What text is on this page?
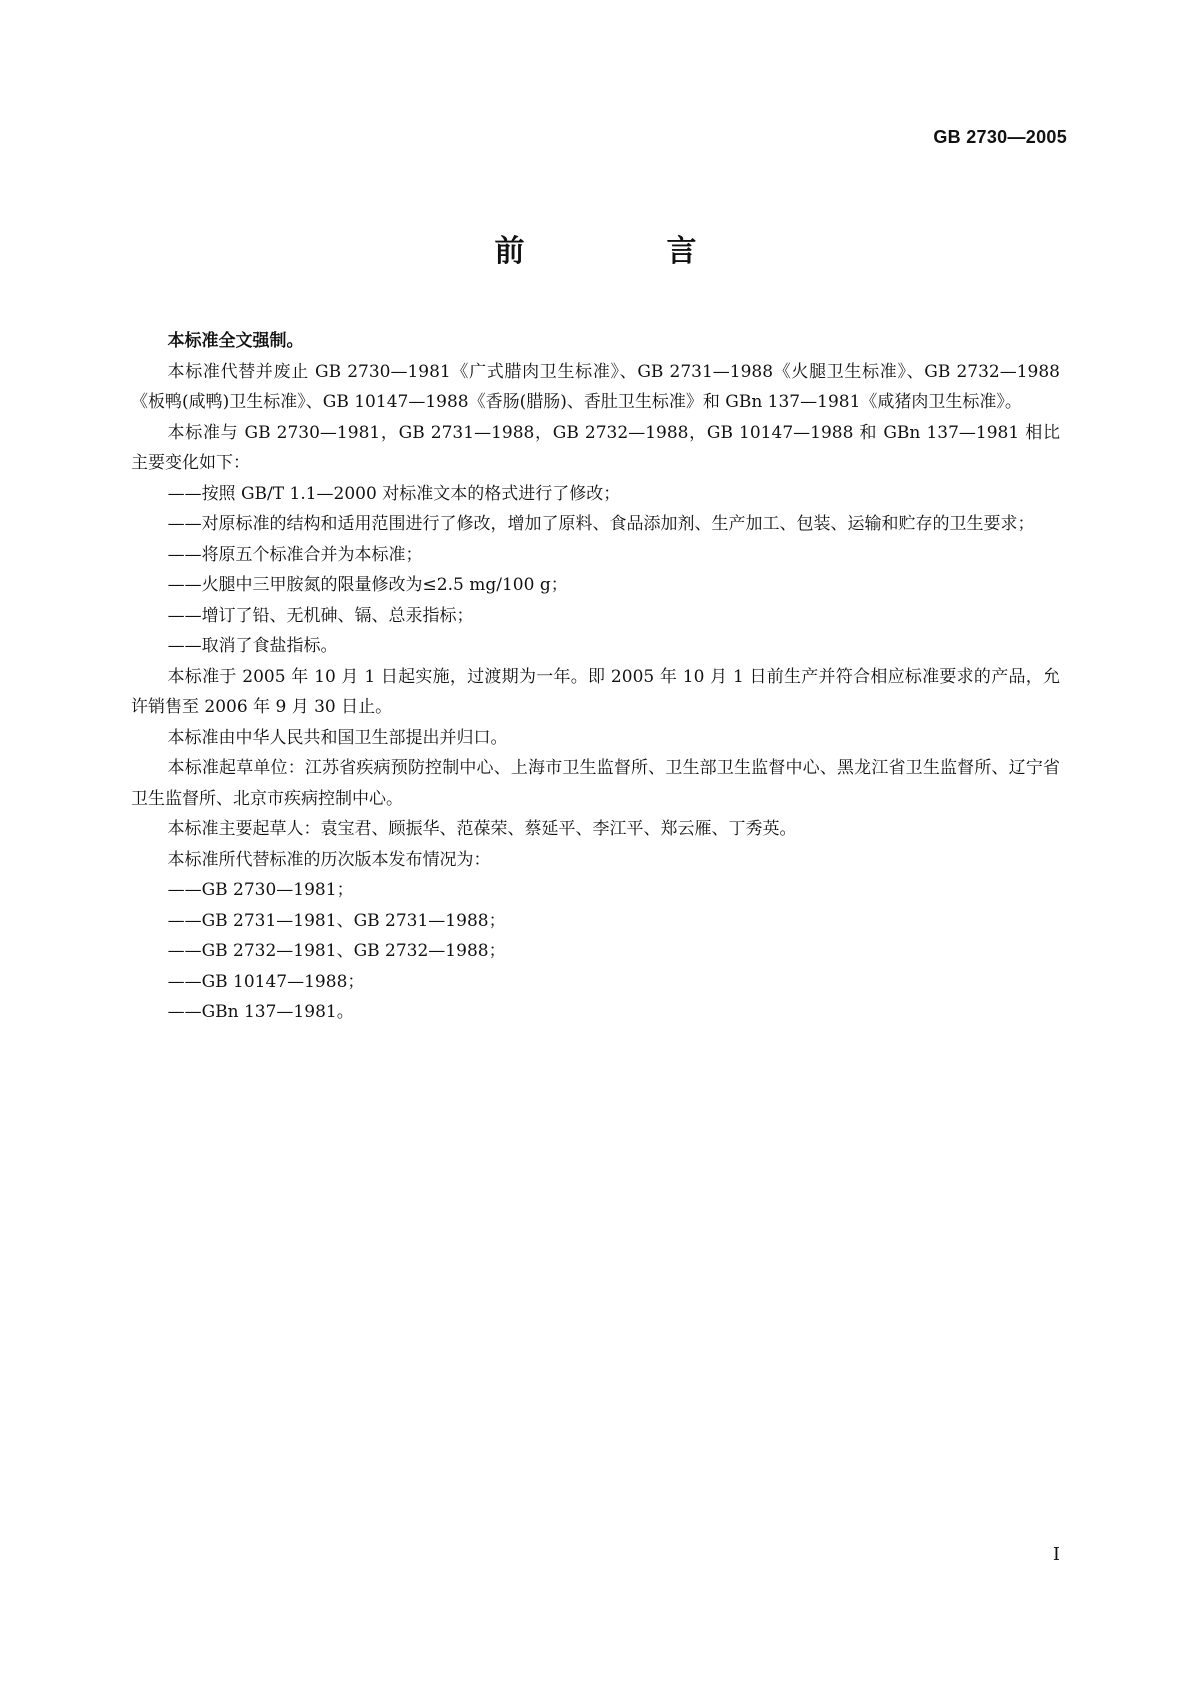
GB 2730—2005
前　言

本标准全文强制。

本标准代替并废止 GB 2730—1981《广式腊肉卫生标准》、GB 2731—1988《火腿卫生标准》、GB 2732—1988《板鸭(咸鸭)卫生标准》、GB 10147—1988《香肠(腊肠)、香肚卫生标准》和 GBn 137—1981《咸猪肉卫生标准》。

本标准与 GB 2730—1981，GB 2731—1988，GB 2732—1988，GB 10147—1988 和 GBn 137—1981 相比主要变化如下：

——按照 GB/T 1.1—2000 对标准文本的格式进行了修改；

——对原标准的结构和适用范围进行了修改，增加了原料、食品添加剂、生产加工、包装、运输和贮存的卫生要求；

——将原五个标准合并为本标准；

——火腿中三甲胺氮的限量修改为≤2.5 mg/100 g；

——增订了铅、无机砷、镉、总汞指标；

——取消了食盐指标。

本标准于 2005 年 10 月 1 日起实施，过渡期为一年。即 2005 年 10 月 1 日前生产并符合相应标准要求的产品，允许销售至 2006 年 9 月 30 日止。

本标准由中华人民共和国卫生部提出并归口。

本标准起草单位：江苏省疾病预防控制中心、上海市卫生监督所、卫生部卫生监督中心、黑龙江省卫生监督所、辽宁省卫生监督所、北京市疾病控制中心。

本标准主要起草人：袁宝君、顾振华、范葆荣、蔡延平、李江平、郑云雁、丁秀英。

本标准所代替标准的历次版本发布情况为：

——GB 2730—1981；

——GB 2731—1981、GB 2731—1988；

——GB 2732—1981、GB 2732—1988；

——GB 10147—1988；

——GBn 137—1981。

I
